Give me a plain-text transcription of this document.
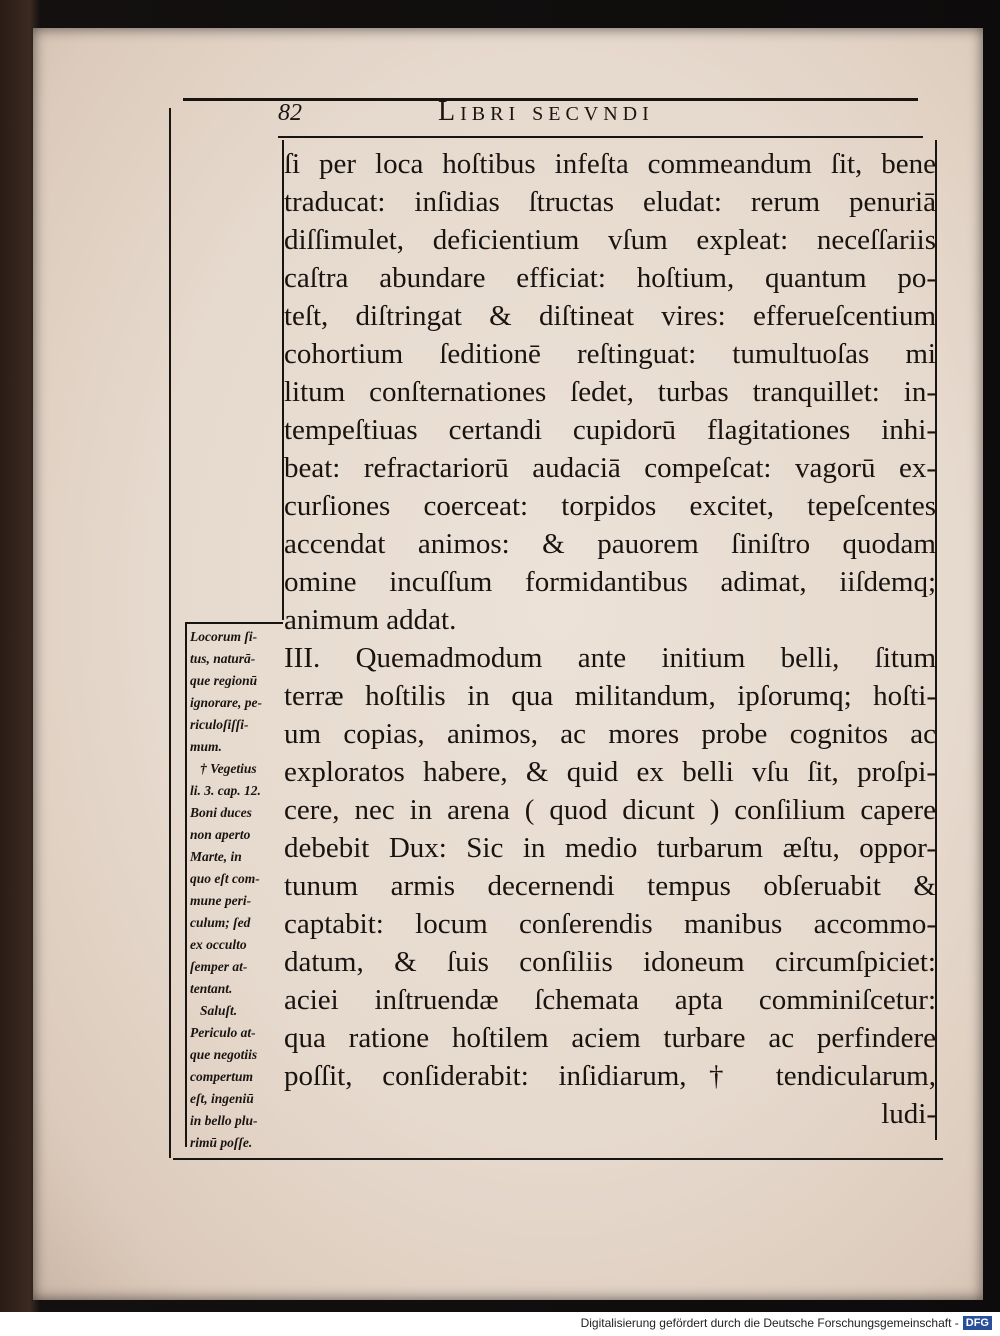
82	Libri secvndi
ſi per loca hoſtibus infeſta commeandum ſit, bene
traducat: inſidias ſtructas eludat: rerum penuriā
diſſimulet, deficientium vſum expleat: neceſſariis
caſtra abundare efficiat: hoſtium, quantum po-
teſt, diſtringat & diſtineat vires: efferueſcentium
cohortium ſeditionē reſtinguat: tumultuoſas mi
litum conſternationes ſedet, turbas tranquillet: in-
tempeſtiuas certandi cupidorū flagitationes inhi-
beat: refractariorū audaciā compeſcat: vagorū ex-
curſiones coerceat: torpidos excitet, tepeſcentes
accendat animos: & pauorem ſiniſtro quodam
omine incuſſum formidantibus adimat, iiſdemq;
animum addat.
III. Quemadmodum ante initium belli, ſitum
terræ hoſtilis in qua militandum, ipſorumq; hoſti-
um copias, animos, ac mores probe cognitos ac
exploratos habere, & quid ex belli vſu ſit, proſpi-
cere, nec in arena ( quod dicunt ) conſilium capere
debebit Dux: Sic in medio turbarum æſtu, oppor-
tunum armis decernendi tempus obſeruabit &
captabit: locum conſerendis manibus accommo-
datum, & ſuis conſiliis idoneum circumſpiciet:
aciei inſtruendæ ſchemata apta comminiſcetur:
qua ratione hoſtilem aciem turbare ac perfindere
poſſit, conſiderabit: inſidiarum,† tendicularum,
ludi-
Locorum ſi-
tus, naturā-
que regionū
ignorare, pe-
riculoſiſſi-
mum.
† Vegetius
li. 3. cap. 12.
Boni duces
non aperto
Marte, in
quo eſt com-
mune peri-
culum; ſed
ex occulto
ſemper at-
tentant.
Saluſt.
Periculo at-
que negotiis
compertum
eſt, ingeniū
in bello plu-
rimū poſſe.
Digitalisierung gefördert durch die Deutsche Forschungsgemeinschaft - DFG
